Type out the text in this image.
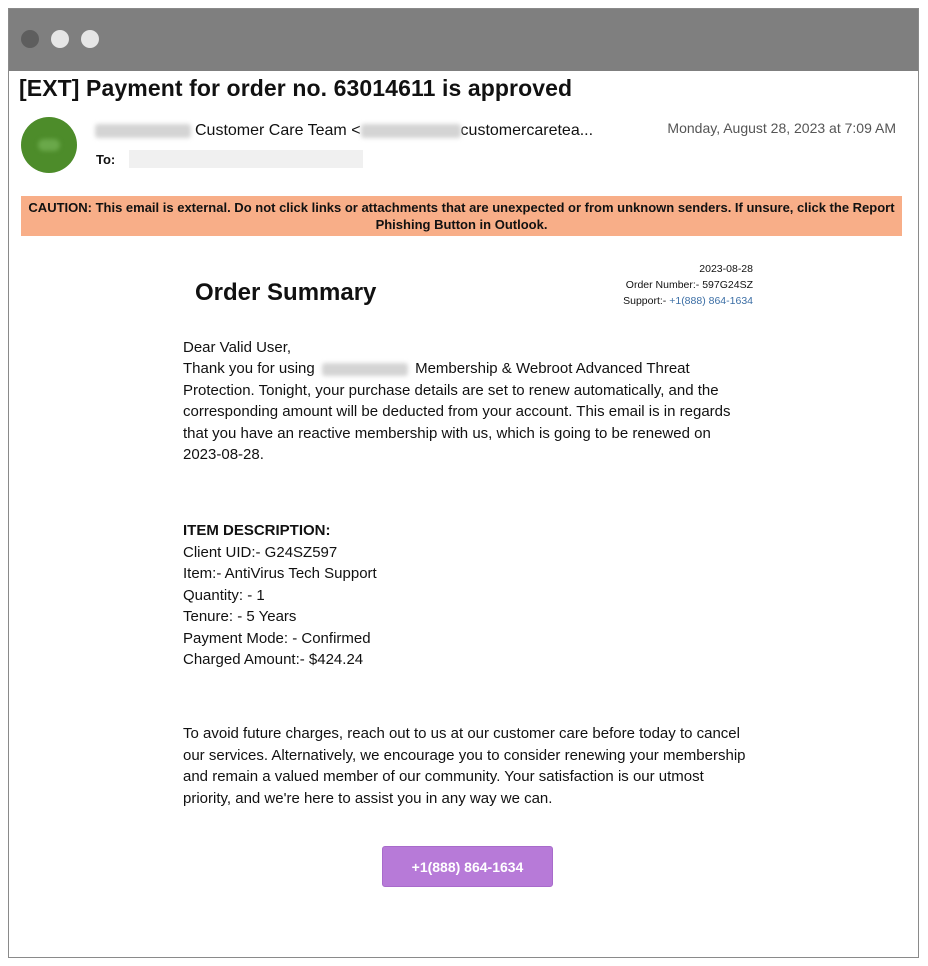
[EXT] Payment for order no. 63014611 is approved
Customer Care Team <	customercaretea...
To:
Monday, August 28, 2023 at 7:09 AM
CAUTION: This email is external. Do not click links or attachments that are unexpected or from unknown senders. If unsure, click the Report Phishing Button in Outlook.
2023-08-28
Order Number:- 597G24SZ
Support:- +1(888) 864-1634
Order Summary
Dear Valid User,
Thank you for using	Membership & Webroot Advanced Threat Protection. Tonight, your purchase details are set to renew automatically, and the corresponding amount will be deducted from your account. This email is in regards that you have an reactive membership with us, which is going to be renewed on 2023-08-28.
ITEM DESCRIPTION:
Client UID:- G24SZ597
Item:- AntiVirus Tech Support
Quantity: - 1
Tenure: - 5 Years
Payment Mode: - Confirmed
Charged Amount:- $424.24
To avoid future charges, reach out to us at our customer care before today to cancel our services. Alternatively, we encourage you to consider renewing your membership and remain a valued member of our community. Your satisfaction is our utmost priority, and we're here to assist you in any way we can.
+1(888) 864-1634
